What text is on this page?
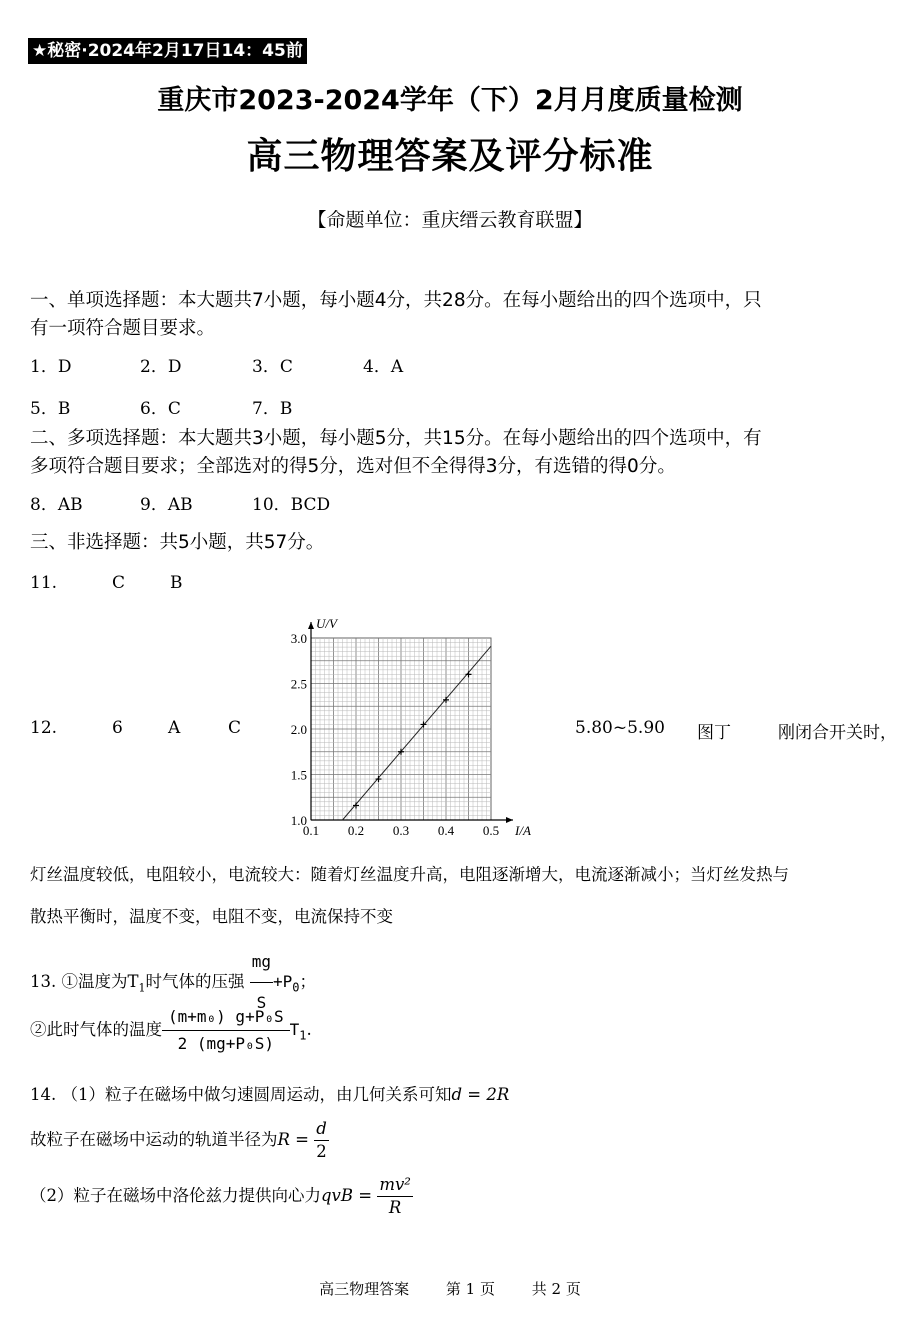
★秘密·2024年2月17日14：45前
重庆市2023-2024学年（下）2月月度质量检测
高三物理答案及评分标准
【命题单位：重庆缙云教育联盟】
一、单项选择题：本大题共7小题，每小题4分，共28分。在每小题给出的四个选项中，只
有一项符合题目要求。
1．D	2．D	3．C	4．A
5．B	6．C	7．B
二、多项选择题：本大题共3小题，每小题5分，共15分。在每小题给出的四个选项中，有
多项符合题目要求；全部选对的得5分，选对但不全得得3分，有选错的得0分。
8．AB	9．AB	10．BCD
三、非选择题：共5小题，共57分。
11.	C	B
12.	6	A	C	5.80~5.90 图丁	刚闭合开关时，
0.1 0.2 0.3 0.4 0.5
1.0
1.5
2.0
2.5
3.0
I/A
U/V
灯丝温度较低，电阻较小，电流较大：随着灯丝温度升高，电阻逐渐增大，电流逐渐减小；当灯丝发热与
散热平衡时，温度不变，电阻不变，电流保持不变
13. ①温度为$T_1$时气体的压强 $\frac{mg}{S} +P_0$；
②此时气体的温度 $\frac{\text{(m+m₀) g+P₀S}}{\text{2 (mg+P₀S)}} T_1$.
14. （1）粒子在磁场中做匀速圆周运动，由几何关系可知d = 2R
故粒子在磁场中运动的轨道半径为$R = \frac{d}{2}$
（2）粒子在磁场中洛伦兹力提供向心力qvB = $\frac{\text{mv²}}{R}$
高三物理答案 第 1 页 共 2 页
